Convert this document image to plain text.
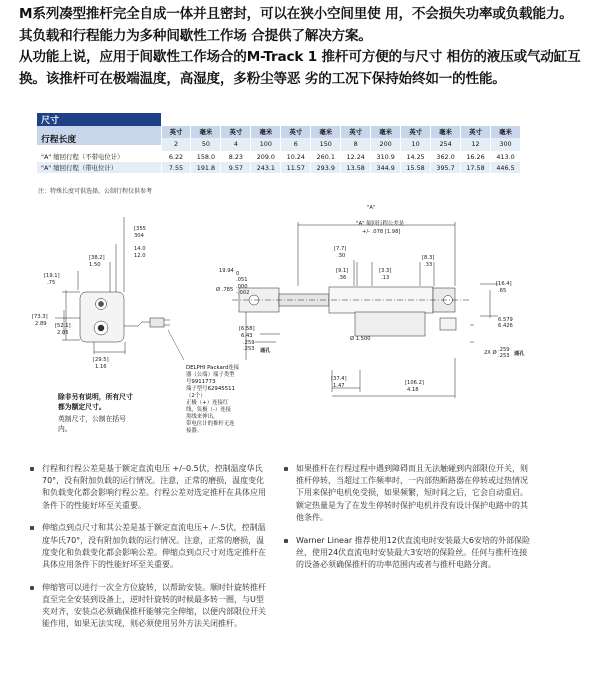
M系列凑型推杆完全自成一体并且密封，可以在狭小空间里使 用，不会损失功率或负载能力。其负载和行程能力为多种间歇性工作场 合提供了解决方案。

从功能上说，应用于间歇性工作场合的M-Track 1 推杆可方便的与尺寸 相仿的液压或气动缸互换。该推杆可在极端温度，高湿度，多粉尘等恶 劣的工况下保持始终如一的性能。

尺寸												
	英寸	毫米	英寸	毫米	英寸	毫米	英寸	毫米	英寸	毫米	英寸	毫米
行程长度	2	50	4	100	6	150	8	200	10	254	12	300
"A" 缩回行程（不带电位计）	6.22	158.0	8.23	209.0	10.24	260.1	12.24	310.9	14.25	362.0	16.26	413.0
"A" 缩回行程（带电位计）	7.55	191.8	9.57	243.1	11.57	293.9	13.58	344.9	15.58	395.7	17.58	446.5

注：特殊长度可供选择，公制行程仅供参考

[355
304
14.0
12.0
[38.2]
1.50
[19.1]
.75
[73.3]
2.89 [52.1]
2.05
[29.5]
1.16
"A"
"A" 缩回行程公差是
+/- .078 [1.98]
[7.7]
.30
[9.1]
.36
[3.3]
.13
[8.3]
.33
[16.4]
.65
19.94 0
.051
Ø .785 .000
-.002
[6.58]
6.43
.259
.253
Ø 1.500
通孔
6.579
6.426
2X Ø .259
.253 通孔
[37.4]
1.47	[106.2]
4.18
DELPHI Packard连接
器（公端）端子类型
号9911773
端子型号62945511
（2个）
正极（+）连接红
线，负极（-）连接
黑线来伸出，
带电位计的推杆无连
接器。

除非另有说明，所有尺寸
都为额定尺寸。

英制尺寸，公制在括号
内。

行程和行程公差是基于额定直流电压 +/–0.5伏，控制温度华氏70°，没有附加负载的运行情况。注意，正常的磨损，温度变化和负载变化都会影响行程公差。行程公差对选定推杆在具体应用条件下的性能好坏至关重要。
伸缩点到点尺寸和其公差是基于额定直流电压+ /–.5伏，控制温度华氏70°，没有附加负载的运行情况。注意，正常的磨损，温度变化和负载变化都会影响公差。伸缩点到点尺寸对选定推杆在具体应用条件下的性能好坏至关重要。
伸缩管可以进行一次全方位旋转，以帮助安装。顺时针旋转推杆直至完全安装到设备上，逆时针旋转的时候最多转一圈，与U型夹对齐，安装点必须确保推杆能够完全伸缩，以便内部限位开关能作用，如果无法实现，则必须使用另外方法关闭推杆。
如果推杆在行程过程中遇到障碍而且无法触碰到内部限位开关，则推杆停转，当超过工作频率时，一内部热断路器在停转或过热情况下用来保护电机免受损，如果频繁，短时间之后，它会自动重启。额定热量是为了在发生停转时保护电机并没有设计保护电路中的其他条件。
Warner Linear 推荐使用12伏直流电时安装最大6安培的外部保险丝，使用24伏直流电时安装最大3安培的保险丝。任何与推杆连接的设备必须确保推杆的功率范围内或者与推杆电路分离。
